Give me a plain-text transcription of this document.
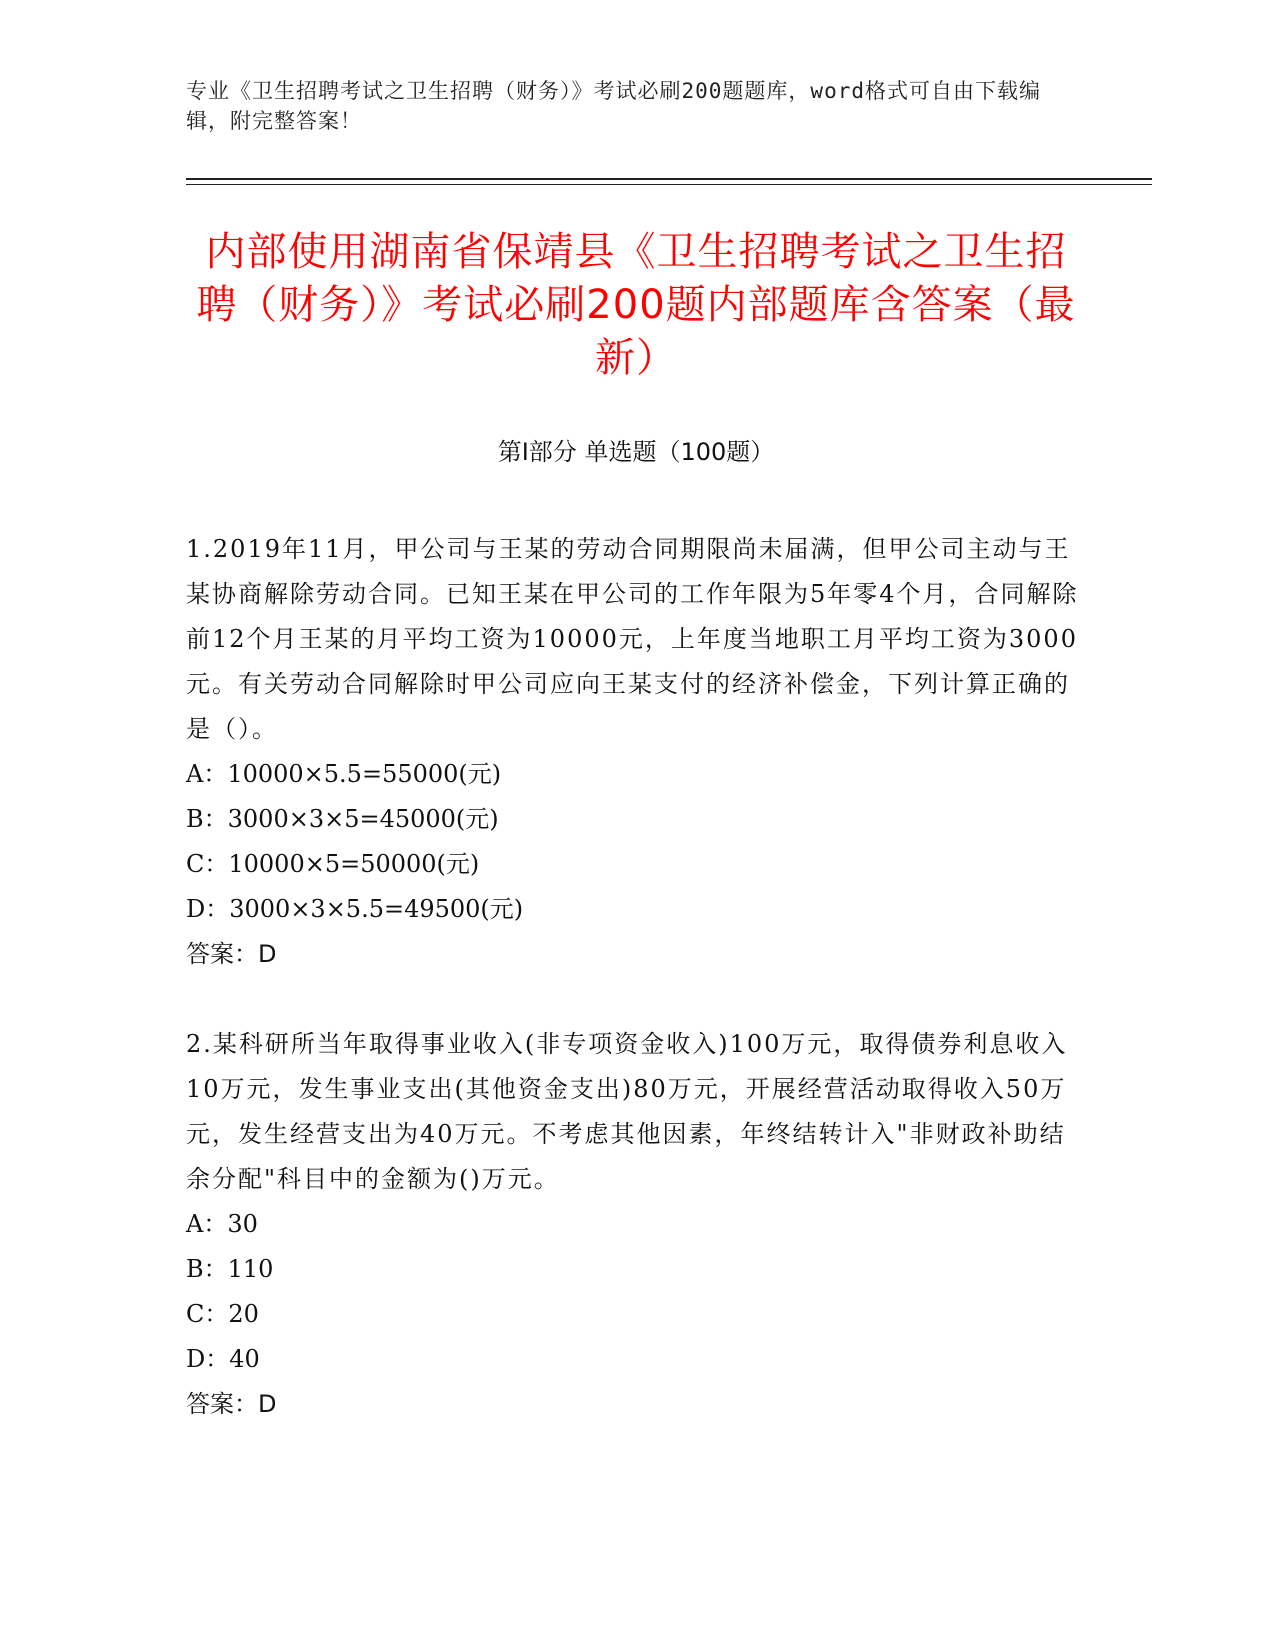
专业《卫生招聘考试之卫生招聘（财务）》考试必刷200题题库，word格式可自由下载编辑，附完整答案！
内部使用湖南省保靖县《卫生招聘考试之卫生招聘（财务）》考试必刷200题内部题库含答案（最新）
第I部分 单选题（100题）

1.2019年11月，甲公司与王某的劳动合同期限尚未届满，但甲公司主动与王某协商解除劳动合同。已知王某在甲公司的工作年限为5年零4个月，合同解除前12个月王某的月平均工资为10000元，上年度当地职工月平均工资为3000元。有关劳动合同解除时甲公司应向王某支付的经济补偿金，下列计算正确的是（）。

A：10000×5.5=55000(元)

B：3000×3×5=45000(元)

C：10000×5=50000(元)

D：3000×3×5.5=49500(元)

答案：D

2.某科研所当年取得事业收入(非专项资金收入)100万元，取得债券利息收入10万元，发生事业支出(其他资金支出)80万元，开展经营活动取得收入50万元，发生经营支出为40万元。不考虑其他因素，年终结转计入"非财政补助结余分配"科目中的金额为()万元。

A：30

B：110

C：20

D：40

答案：D
